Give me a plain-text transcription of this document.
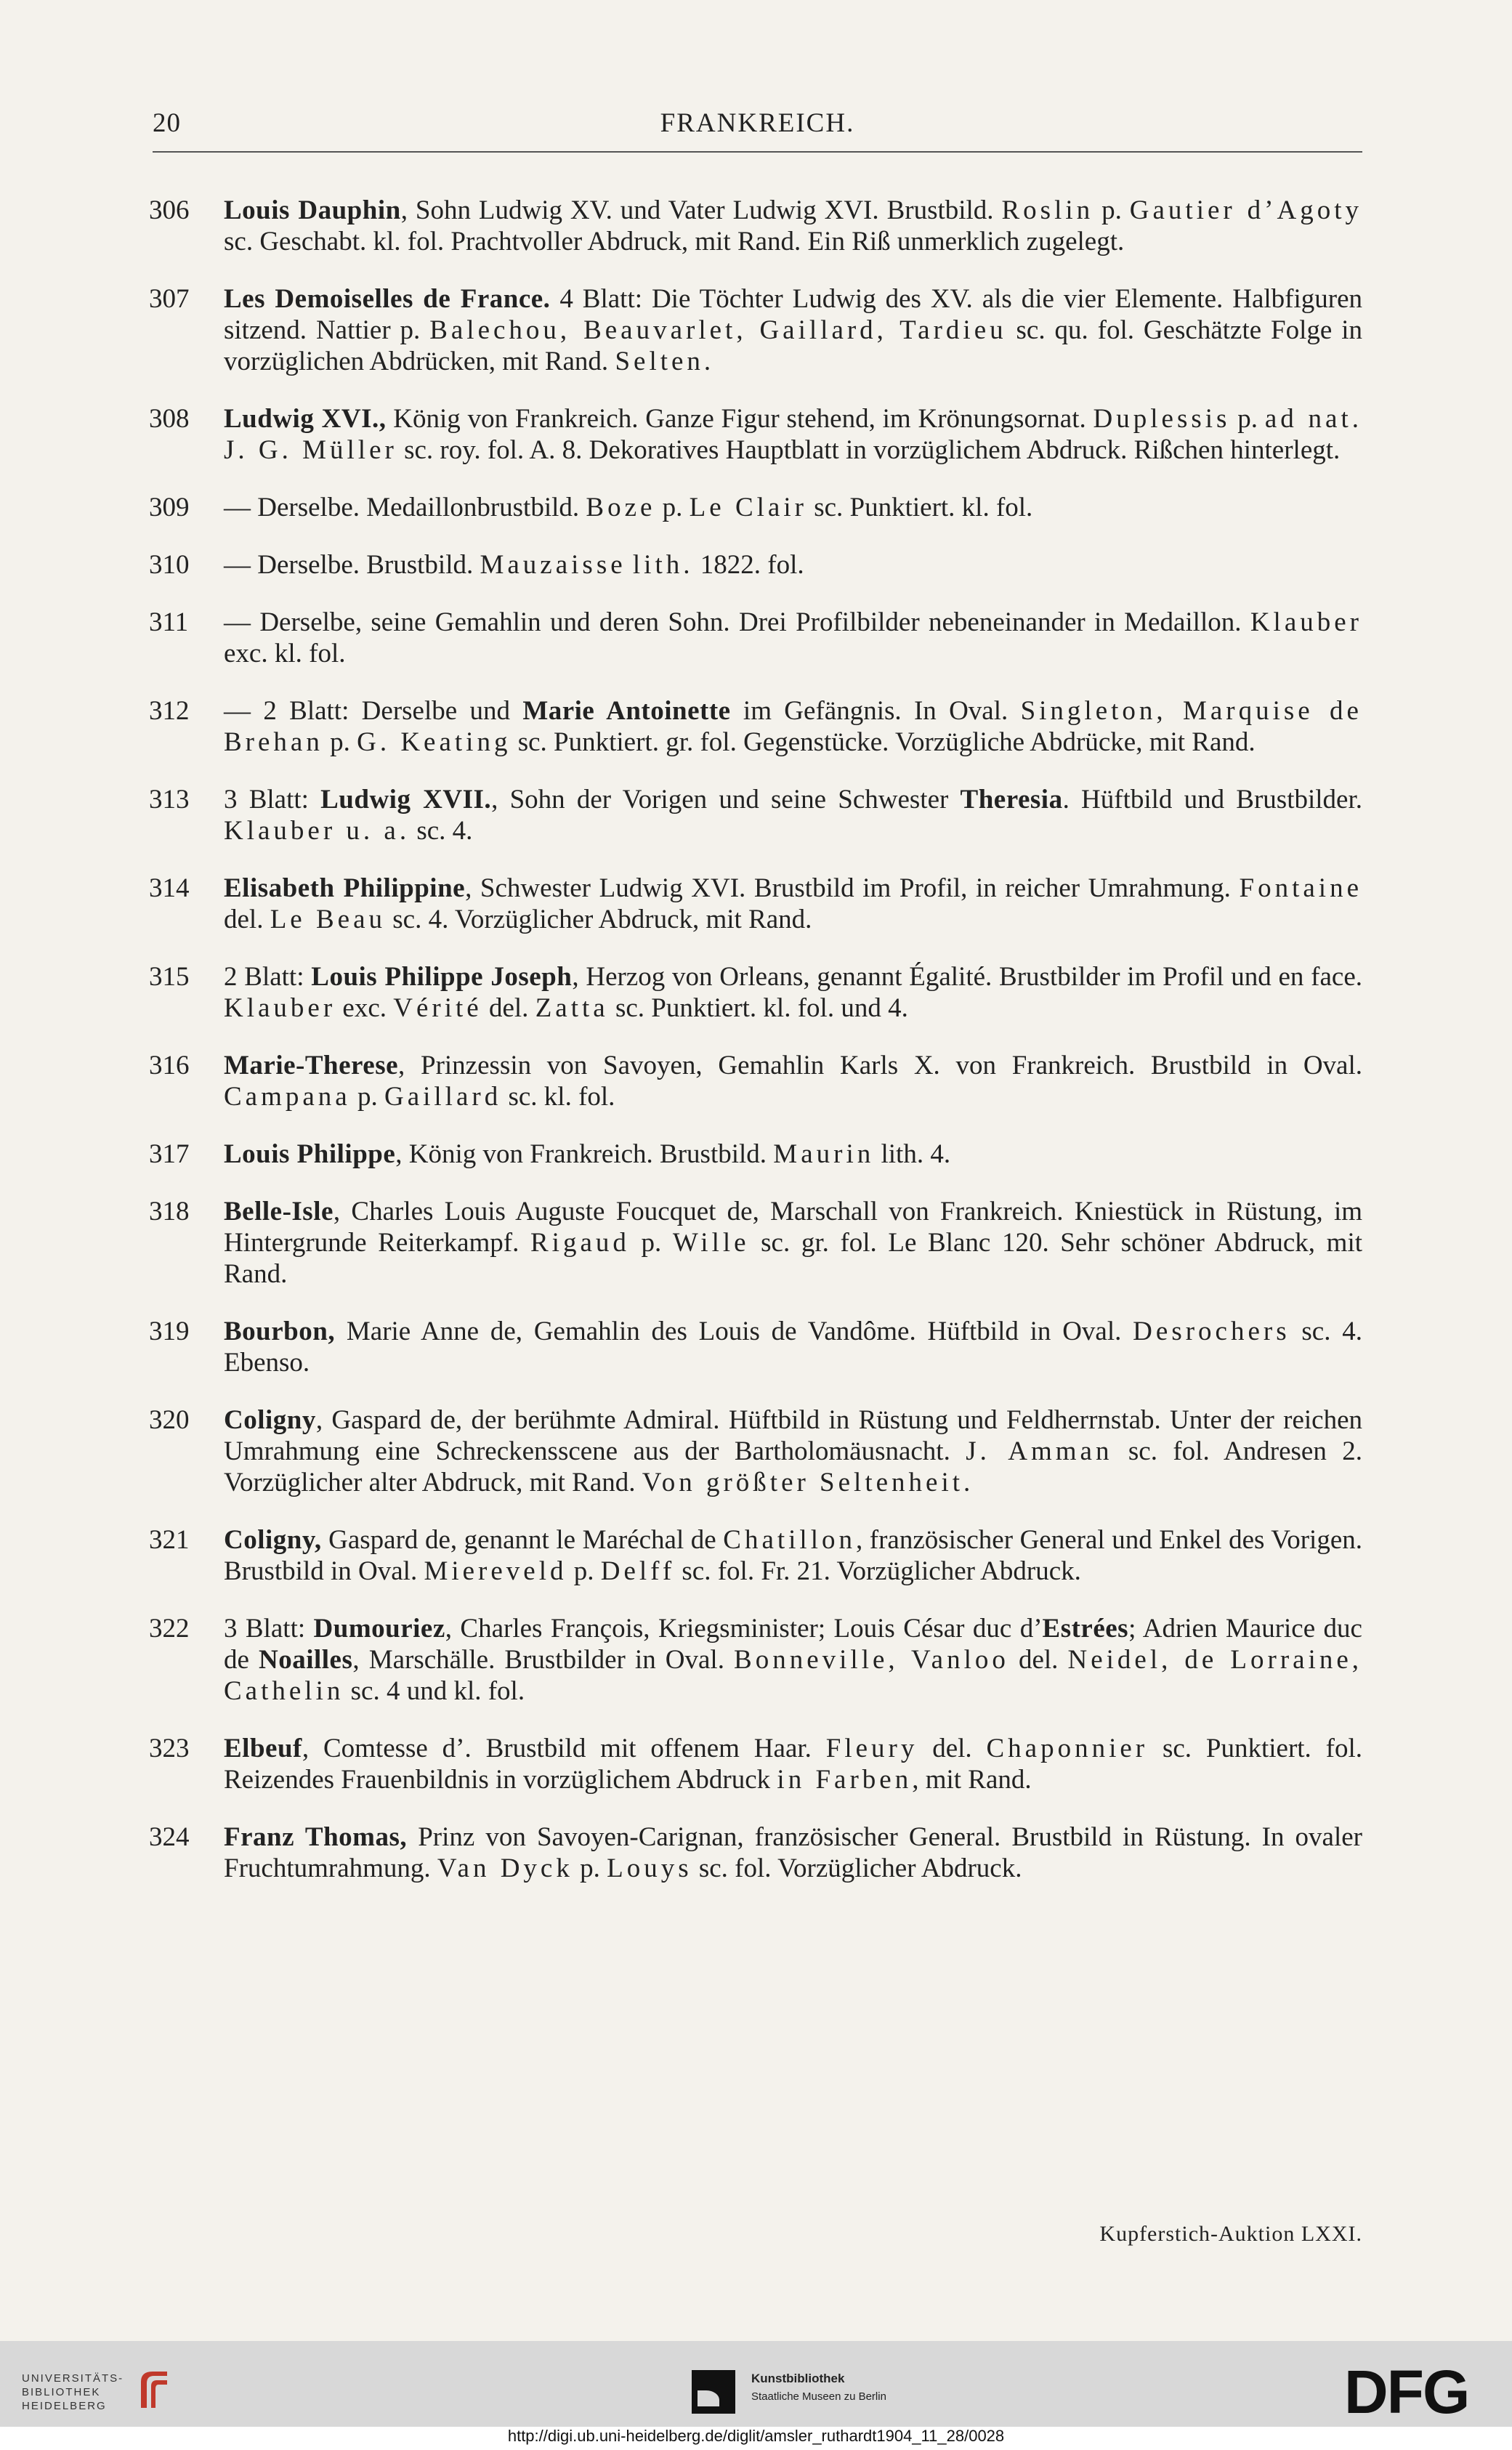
20	FRANKREICH.
306	Louis Dauphin, Sohn Ludwig XV. und Vater Ludwig XVI. Brustbild. Roslin p. Gautier d’Agoty sc. Geschabt. kl. fol. Prachtvoller Abdruck, mit Rand. Ein Riß unmerklich zugelegt.
307	Les Demoiselles de France. 4 Blatt: Die Töchter Ludwig des XV. als die vier Elemente. Halbfiguren sitzend. Nattier p. Balechou, Beauvarlet, Gaillard, Tardieu sc. qu. fol. Geschätzte Folge in vorzüglichen Abdrücken, mit Rand. Selten.
308	Ludwig XVI., König von Frankreich. Ganze Figur stehend, im Krönungsornat. Duplessis p. ad nat. J. G. Müller sc. roy. fol. A. 8. Dekoratives Hauptblatt in vorzüglichem Abdruck. Rißchen hinterlegt.
309	— Derselbe. Medaillonbrustbild. Boze p. Le Clair sc. Punktiert. kl. fol.
310	— Derselbe. Brustbild. Mauzaisse lith. 1822. fol.
311	— Derselbe, seine Gemahlin und deren Sohn. Drei Profilbilder nebeneinander in Medaillon. Klauber exc. kl. fol.
312	— 2 Blatt: Derselbe und Marie Antoinette im Gefängnis. In Oval. Singleton, Marquise de Brehan p. G. Keating sc. Punktiert. gr. fol. Gegenstücke. Vorzügliche Abdrücke, mit Rand.
313	3 Blatt: Ludwig XVII., Sohn der Vorigen und seine Schwester Theresia. Hüftbild und Brustbilder. Klauber u. a. sc. 4.
314	Elisabeth Philippine, Schwester Ludwig XVI. Brustbild im Profil, in reicher Umrahmung. Fontaine del. Le Beau sc. 4. Vorzüglicher Abdruck, mit Rand.
315	2 Blatt: Louis Philippe Joseph, Herzog von Orleans, genannt Égalité. Brustbilder im Profil und en face. Klauber exc. Vérité del. Zatta sc. Punktiert. kl. fol. und 4.
316	Marie-Therese, Prinzessin von Savoyen, Gemahlin Karls X. von Frankreich. Brustbild in Oval. Campana p. Gaillard sc. kl. fol.
317	Louis Philippe, König von Frankreich. Brustbild. Maurin lith. 4.
318	Belle-Isle, Charles Louis Auguste Foucquet de, Marschall von Frankreich. Kniestück in Rüstung, im Hintergrunde Reiterkampf. Rigaud p. Wille sc. gr. fol. Le Blanc 120. Sehr schöner Abdruck, mit Rand.
319	Bourbon, Marie Anne de, Gemahlin des Louis de Vandôme. Hüftbild in Oval. Desrochers sc. 4. Ebenso.
320	Coligny, Gaspard de, der berühmte Admiral. Hüftbild in Rüstung und Feldherrnstab. Unter der reichen Umrahmung eine Schreckensscene aus der Bartholomäusnacht. J. Amman sc. fol. Andresen 2. Vorzüglicher alter Abdruck, mit Rand. Von größter Seltenheit.
321	Coligny, Gaspard de, genannt le Maréchal de Chatillon, französischer General und Enkel des Vorigen. Brustbild in Oval. Miereveld p. Delff sc. fol. Fr. 21. Vorzüglicher Abdruck.
322	3 Blatt: Dumouriez, Charles François, Kriegsminister; Louis César duc d’Estrées; Adrien Maurice duc de Noailles, Marschälle. Brustbilder in Oval. Bonneville, Vanloo del. Neidel, de Lorraine, Cathelin sc. 4 und kl. fol.
323	Elbeuf, Comtesse d’. Brustbild mit offenem Haar. Fleury del. Chaponnier sc. Punktiert. fol. Reizendes Frauenbildnis in vorzüglichem Abdruck in Farben, mit Rand.
324	Franz Thomas, Prinz von Savoyen-Carignan, französischer General. Brustbild in Rüstung. In ovaler Fruchtumrahmung. Van Dyck p. Louys sc. fol. Vorzüglicher Abdruck.
Kupferstich-Auktion LXXI.
UNIVERSITÄTS-
BIBLIOTHEK
HEIDELBERG
Kunstbibliothek
Staatliche Museen zu Berlin	DFG
http://digi.ub.uni-heidelberg.de/diglit/amsler_ruthardt1904_11_28/0028
